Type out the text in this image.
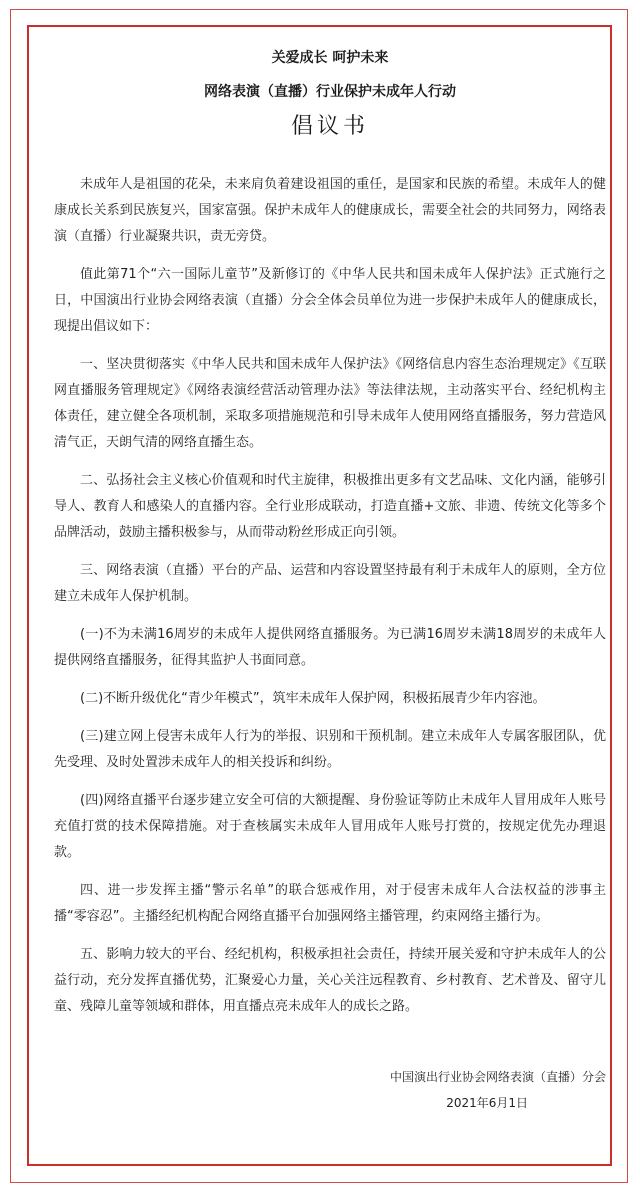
关爱成长 呵护未来
网络表演（直播）行业保护未成年人行动
倡议书

未成年人是祖国的花朵，未来肩负着建设祖国的重任，是国家和民族的希望。未成年人的健康成长关系到民族复兴，国家富强。保护未成年人的健康成长，需要全社会的共同努力，网络表演（直播）行业凝聚共识，责无旁贷。

值此第71个“六一国际儿童节”及新修订的《中华人民共和国未成年人保护法》正式施行之日，中国演出行业协会网络表演（直播）分会全体会员单位为进一步保护未成年人的健康成长，现提出倡议如下：

一、坚决贯彻落实《中华人民共和国未成年人保护法》《网络信息内容生态治理规定》《互联网直播服务管理规定》《网络表演经营活动管理办法》等法律法规，主动落实平台、经纪机构主体责任，建立健全各项机制，采取多项措施规范和引导未成年人使用网络直播服务，努力营造风清气正，天朗气清的网络直播生态。

二、弘扬社会主义核心价值观和时代主旋律，积极推出更多有文艺品味、文化内涵，能够引导人、教育人和感染人的直播内容。全行业形成联动，打造直播+文旅、非遗、传统文化等多个品牌活动，鼓励主播积极参与，从而带动粉丝形成正向引领。

三、网络表演（直播）平台的产品、运营和内容设置坚持最有利于未成年人的原则，全方位建立未成年人保护机制。

(一)不为未满16周岁的未成年人提供网络直播服务。为已满16周岁未满18周岁的未成年人提供网络直播服务，征得其监护人书面同意。

(二)不断升级优化“青少年模式”，筑牢未成年人保护网，积极拓展青少年内容池。

(三)建立网上侵害未成年人行为的举报、识别和干预机制。建立未成年人专属客服团队，优先受理、及时处置涉未成年人的相关投诉和纠纷。

(四)网络直播平台逐步建立安全可信的大额提醒、身份验证等防止未成年人冒用成年人账号充值打赏的技术保障措施。对于查核属实未成年人冒用成年人账号打赏的，按规定优先办理退款。

四、进一步发挥主播“警示名单”的联合惩戒作用，对于侵害未成年人合法权益的涉事主播“零容忍”。主播经纪机构配合网络直播平台加强网络主播管理，约束网络主播行为。

五、影响力较大的平台、经纪机构，积极承担社会责任，持续开展关爱和守护未成年人的公益行动，充分发挥直播优势，汇聚爱心力量，关心关注远程教育、乡村教育、艺术普及、留守儿童、残障儿童等领域和群体，用直播点亮未成年人的成长之路。

中国演出行业协会网络表演（直播）分会
2021年6月1日
